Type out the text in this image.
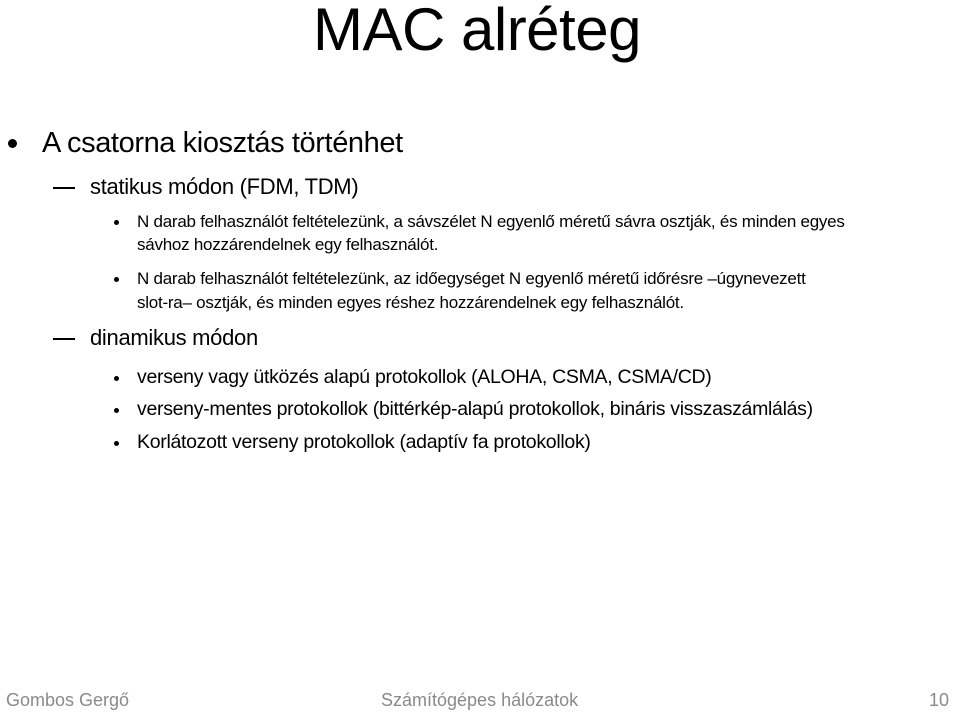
MAC alréteg
A csatorna kiosztás történhet
statikus módon (FDM, TDM)
N darab felhasználót feltételezünk, a sávszélet N egyenlő méretű sávra osztják, és minden egyes
sávhoz hozzárendelnek egy felhasználót.
N darab felhasználót feltételezünk, az időegységet N egyenlő méretű időrésre –úgynevezett
slot-ra– osztják, és minden egyes réshez hozzárendelnek egy felhasználót.
dinamikus módon
verseny vagy ütközés alapú protokollok (ALOHA, CSMA, CSMA/CD)
verseny-mentes protokollok (bittérkép-alapú protokollok, bináris visszaszámlálás)
Korlátozott verseny protokollok (adaptív fa protokollok)
Gombos Gergő	Számítógépes hálózatok	10
